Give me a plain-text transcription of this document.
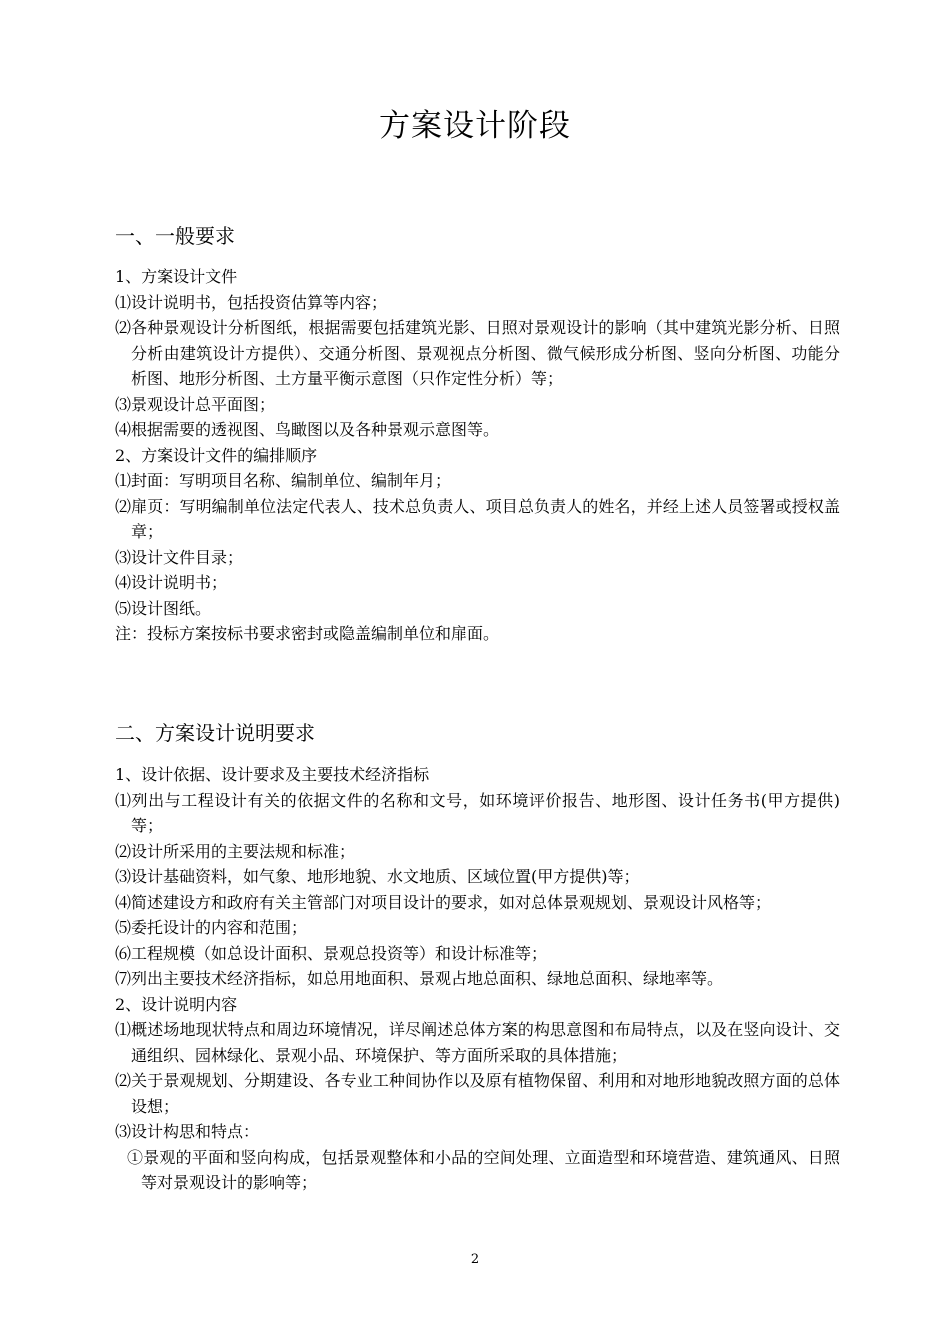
方案设计阶段
一、一般要求

1、方案设计文件

⑴设计说明书，包括投资估算等内容；

⑵各种景观设计分析图纸，根据需要包括建筑光影、日照对景观设计的影响（其中建筑光影分析、日照分析由建筑设计方提供）、交通分析图、景观视点分析图、微气候形成分析图、竖向分析图、功能分析图、地形分析图、土方量平衡示意图（只作定性分析）等；

⑶景观设计总平面图；

⑷根据需要的透视图、鸟瞰图以及各种景观示意图等。

2、方案设计文件的编排顺序

⑴封面：写明项目名称、编制单位、编制年月；

⑵扉页：写明编制单位法定代表人、技术总负责人、项目总负责人的姓名，并经上述人员签署或授权盖章；

⑶设计文件目录；

⑷设计说明书；

⑸设计图纸。

注：投标方案按标书要求密封或隐盖编制单位和扉面。

二、方案设计说明要求

1、设计依据、设计要求及主要技术经济指标

⑴列出与工程设计有关的依据文件的名称和文号，如环境评价报告、地形图、设计任务书(甲方提供)等；

⑵设计所采用的主要法规和标准；

⑶设计基础资料，如气象、地形地貌、水文地质、区域位置(甲方提供)等；

⑷简述建设方和政府有关主管部门对项目设计的要求，如对总体景观规划、景观设计风格等；

⑸委托设计的内容和范围；

⑹工程规模（如总设计面积、景观总投资等）和设计标准等；

⑺列出主要技术经济指标，如总用地面积、景观占地总面积、绿地总面积、绿地率等。

2、设计说明内容

⑴概述场地现状特点和周边环境情况，详尽阐述总体方案的构思意图和布局特点，以及在竖向设计、交通组织、园林绿化、景观小品、环境保护、等方面所采取的具体措施；

⑵关于景观规划、分期建设、各专业工种间协作以及原有植物保留、利用和对地形地貌改照方面的总体设想；

⑶设计构思和特点：

①景观的平面和竖向构成，包括景观整体和小品的空间处理、立面造型和环境营造、建筑通风、日照等对景观设计的影响等；

2
